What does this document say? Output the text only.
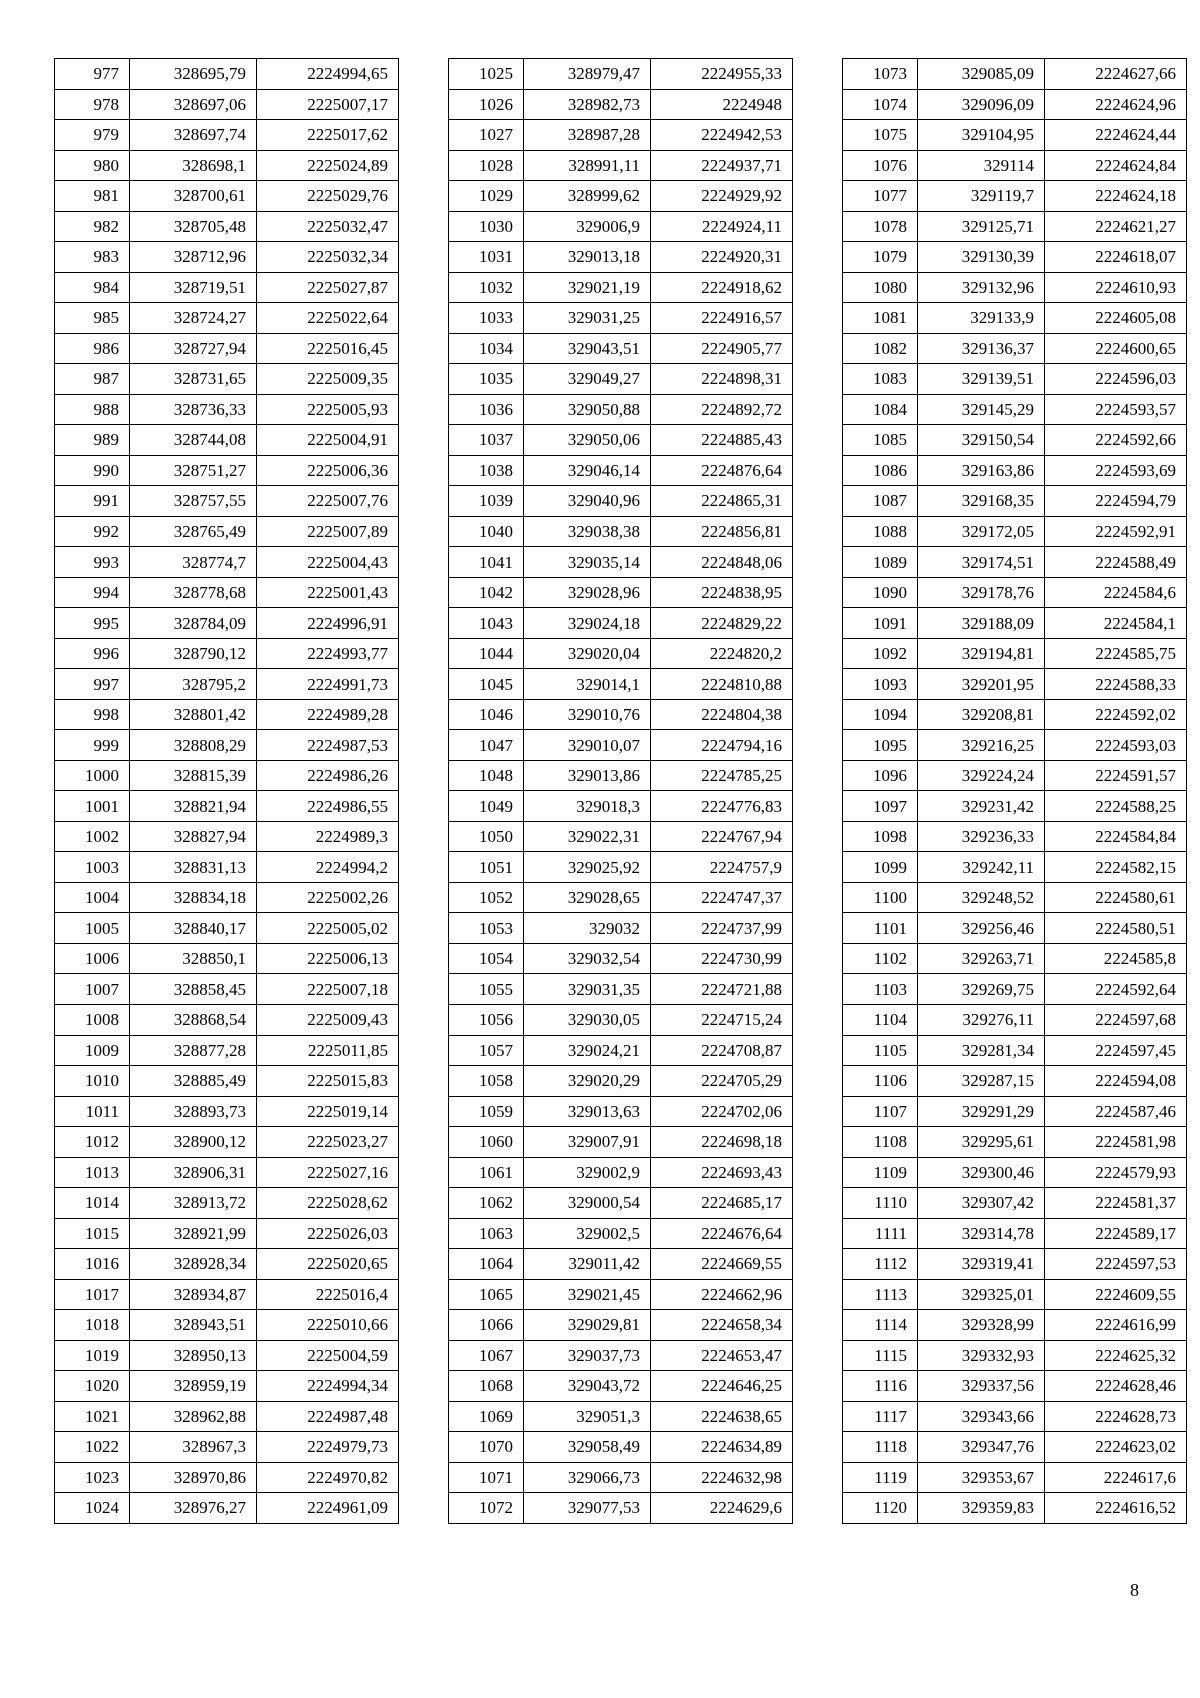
977	328695,79	2224994,65
978	328697,06	2225007,17
979	328697,74	2225017,62
980	328698,1	2225024,89
981	328700,61	2225029,76
982	328705,48	2225032,47
983	328712,96	2225032,34
984	328719,51	2225027,87
985	328724,27	2225022,64
986	328727,94	2225016,45
987	328731,65	2225009,35
988	328736,33	2225005,93
989	328744,08	2225004,91
990	328751,27	2225006,36
991	328757,55	2225007,76
992	328765,49	2225007,89
993	328774,7	2225004,43
994	328778,68	2225001,43
995	328784,09	2224996,91
996	328790,12	2224993,77
997	328795,2	2224991,73
998	328801,42	2224989,28
999	328808,29	2224987,53
1000	328815,39	2224986,26
1001	328821,94	2224986,55
1002	328827,94	2224989,3
1003	328831,13	2224994,2
1004	328834,18	2225002,26
1005	328840,17	2225005,02
1006	328850,1	2225006,13
1007	328858,45	2225007,18
1008	328868,54	2225009,43
1009	328877,28	2225011,85
1010	328885,49	2225015,83
1011	328893,73	2225019,14
1012	328900,12	2225023,27
1013	328906,31	2225027,16
1014	328913,72	2225028,62
1015	328921,99	2225026,03
1016	328928,34	2225020,65
1017	328934,87	2225016,4
1018	328943,51	2225010,66
1019	328950,13	2225004,59
1020	328959,19	2224994,34
1021	328962,88	2224987,48
1022	328967,3	2224979,73
1023	328970,86	2224970,82
1024	328976,27	2224961,09
1025	328979,47	2224955,33
1026	328982,73	2224948
1027	328987,28	2224942,53
1028	328991,11	2224937,71
1029	328999,62	2224929,92
1030	329006,9	2224924,11
1031	329013,18	2224920,31
1032	329021,19	2224918,62
1033	329031,25	2224916,57
1034	329043,51	2224905,77
1035	329049,27	2224898,31
1036	329050,88	2224892,72
1037	329050,06	2224885,43
1038	329046,14	2224876,64
1039	329040,96	2224865,31
1040	329038,38	2224856,81
1041	329035,14	2224848,06
1042	329028,96	2224838,95
1043	329024,18	2224829,22
1044	329020,04	2224820,2
1045	329014,1	2224810,88
1046	329010,76	2224804,38
1047	329010,07	2224794,16
1048	329013,86	2224785,25
1049	329018,3	2224776,83
1050	329022,31	2224767,94
1051	329025,92	2224757,9
1052	329028,65	2224747,37
1053	329032	2224737,99
1054	329032,54	2224730,99
1055	329031,35	2224721,88
1056	329030,05	2224715,24
1057	329024,21	2224708,87
1058	329020,29	2224705,29
1059	329013,63	2224702,06
1060	329007,91	2224698,18
1061	329002,9	2224693,43
1062	329000,54	2224685,17
1063	329002,5	2224676,64
1064	329011,42	2224669,55
1065	329021,45	2224662,96
1066	329029,81	2224658,34
1067	329037,73	2224653,47
1068	329043,72	2224646,25
1069	329051,3	2224638,65
1070	329058,49	2224634,89
1071	329066,73	2224632,98
1072	329077,53	2224629,6
1073	329085,09	2224627,66
1074	329096,09	2224624,96
1075	329104,95	2224624,44
1076	329114	2224624,84
1077	329119,7	2224624,18
1078	329125,71	2224621,27
1079	329130,39	2224618,07
1080	329132,96	2224610,93
1081	329133,9	2224605,08
1082	329136,37	2224600,65
1083	329139,51	2224596,03
1084	329145,29	2224593,57
1085	329150,54	2224592,66
1086	329163,86	2224593,69
1087	329168,35	2224594,79
1088	329172,05	2224592,91
1089	329174,51	2224588,49
1090	329178,76	2224584,6
1091	329188,09	2224584,1
1092	329194,81	2224585,75
1093	329201,95	2224588,33
1094	329208,81	2224592,02
1095	329216,25	2224593,03
1096	329224,24	2224591,57
1097	329231,42	2224588,25
1098	329236,33	2224584,84
1099	329242,11	2224582,15
1100	329248,52	2224580,61
1101	329256,46	2224580,51
1102	329263,71	2224585,8
1103	329269,75	2224592,64
1104	329276,11	2224597,68
1105	329281,34	2224597,45
1106	329287,15	2224594,08
1107	329291,29	2224587,46
1108	329295,61	2224581,98
1109	329300,46	2224579,93
1110	329307,42	2224581,37
1111	329314,78	2224589,17
1112	329319,41	2224597,53
1113	329325,01	2224609,55
1114	329328,99	2224616,99
1115	329332,93	2224625,32
1116	329337,56	2224628,46
1117	329343,66	2224628,73
1118	329347,76	2224623,02
1119	329353,67	2224617,6
1120	329359,83	2224616,52
8
